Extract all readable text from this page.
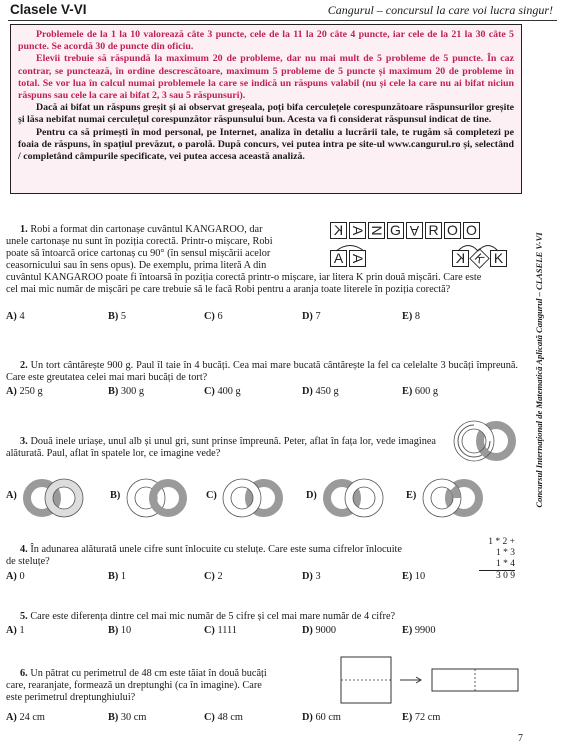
Clasele V-VI	Cangurul – concursul la care voi lucra singur!

Problemele de la 1 la 10 valorează câte 3 puncte, cele de la 11 la 20 câte 4 puncte, iar cele de la 21 la 30 câte 5 puncte. Se acordă 30 de puncte din oficiu.

Elevii trebuie să răspundă la maximum 20 de probleme, dar nu mai mult de 5 probleme de 5 puncte. În caz contrar, se punctează, în ordine descrescătoare, maximum 5 probleme de 5 puncte și maximum 20 de probleme în total. Se vor lua în calcul numai problemele la care se indică un răspuns valabil (nu și cele la care nu ai bifat niciun răspuns sau cele la care ai bifat 2, 3 sau 5 răspunsuri).

Dacă ai bifat un răspuns greșit și ai observat greșeala, poți bifa cerculețele corespunzătoare răspunsurilor greșite și lăsa nebifat numai cerculețul corespunzător răspunsului bun. Acesta va fi considerat răspunsul indicat de tine.

Pentru ca să primești în mod personal, pe Internet, analiza în detaliu a lucrării tale, te rugăm să completezi pe foaia de răspuns, în spațiul prevăzut, o parolă. După concurs, vei putea intra pe site-ul www.cangurul.ro și, selectând / completând câmpurile specificate, vei putea accesa această analiză.

Concursul Internaţional de Matematică Aplicată Cangurul – CLASELE V-VI
1. Robi a format din cartonașe cuvântul KANGAROO, dar
unele cartonașe nu sunt în poziția corectă. Printr-o mișcare, Robi
poate să întoarcă orice cartonaș cu 90° (în sensul mișcării acelor
ceasornicului sau în sens opus). De exemplu, prima literă A din
cuvântul KANGAROO poate fi întoarsă în poziția corectă printr-o mișcare, iar litera K prin două mișcări. Care este
cel mai mic număr de mișcări pe care trebuie să le facă Robi pentru a aranja toate literele în poziția corectă?
K A N G A R O O
A A	K K K
A) 4	B) 5	C) 6	D) 7	E) 8
2. Un tort cântărește 900 g. Paul îl taie în 4 bucăți. Cea mai mare bucată cântărește la fel ca celelalte 3 bucăți împreună. Care este greutatea celei mai mari bucăți de tort?
A) 250 g	B) 300 g	C) 400 g	D) 450 g	E) 600 g
3. Două inele uriașe, unul alb și unul gri, sunt prinse împreună. Peter, aflat în fața lor, vede imaginea alăturată. Paul, aflat în spatele lor, ce imagine vede?
A)	B)	C)	D)	E)
4. În adunarea alăturată unele cifre sunt înlocuite cu steluțe. Care este suma cifrelor înlocuite
de steluțe?
1 * 2 +
1 * 3
1 * 4
3 0 9
A) 0	B) 1	C) 2	D) 3	E) 10
5. Care este diferența dintre cel mai mic număr de 5 cifre și cel mai mare număr de 4 cifre?
A) 1	B) 10	C) 1111	D) 9000	E) 9900
6. Un pătrat cu perimetrul de 48 cm este tăiat în două bucăți
care, rearanjate, formează un dreptunghi (ca în imagine). Care
este perimetrul dreptunghiului?
A) 24 cm	B) 30 cm	C) 48 cm	D) 60 cm	E) 72 cm
7
